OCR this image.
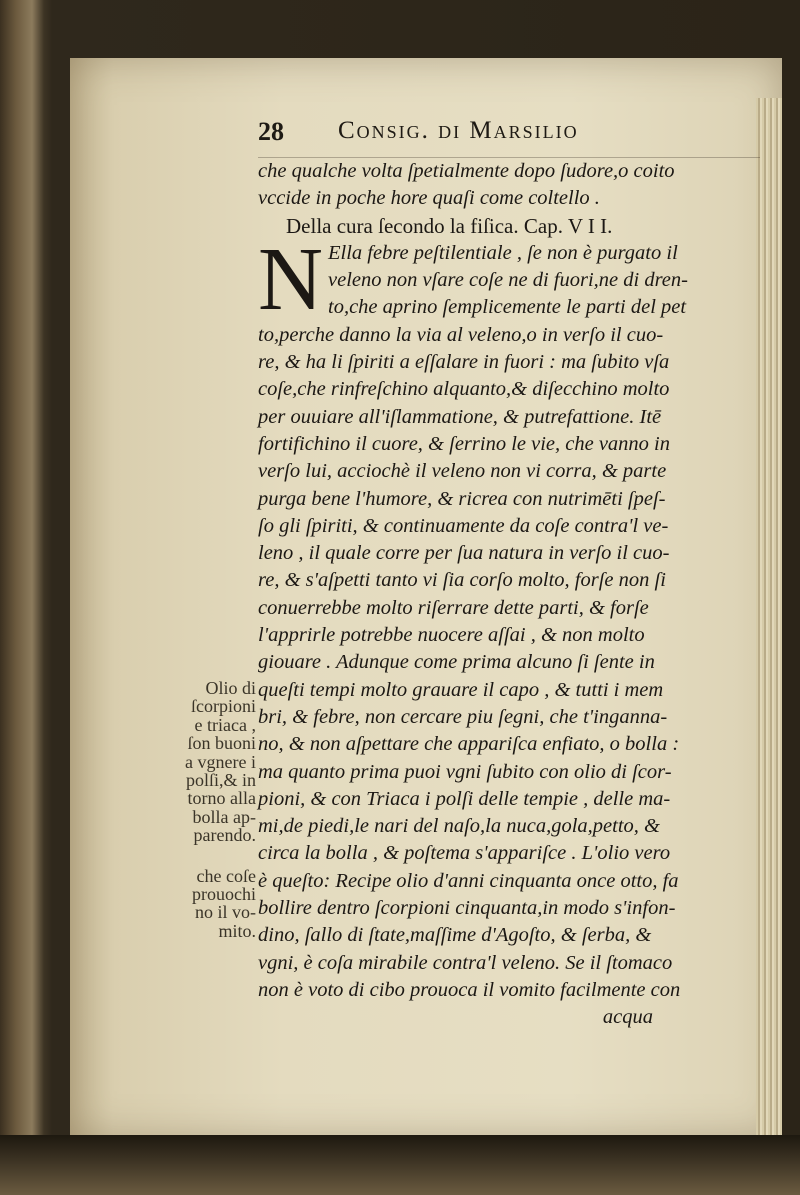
28 Consig. di Marsilio
che qualche volta ſpetialmente dopo ſudore,o coito
vccide in poche hore quaſi come coltello .
Della cura ſecondo la fiſica. Cap. V I I.
N Ella febre peſtilentiale , ſe non è purgato il
veleno non vſare coſe ne di fuori,ne di dren-
to,che aprino ſemplicemente le parti del pet
to,perche danno la via al veleno,o in verſo il cuo-
re, & ha li ſpiriti a eſſalare in fuori : ma ſubito vſa
coſe,che rinfreſchino alquanto,& diſecchino molto
per ouuiare all'iſlammatione, & putrefattione. Itē
fortifichino il cuore, & ſerrino le vie, che vanno in
verſo lui, acciochè il veleno non vi corra, & parte
purga bene l'humore, & ricrea con nutrimēti ſpeſ-
ſo gli ſpiriti, & continuamente da coſe contra'l ve-
leno , il quale corre per ſua natura in verſo il cuo-
re, & s'aſpetti tanto vi ſia corſo molto, forſe non ſi
conuerrebbe molto riſerrare dette parti, & forſe
l'apprirle potrebbe nuocere aſſai , & non molto
giouare . Adunque come prima alcuno ſi ſente in
queſti tempi molto grauare il capo , & tutti i mem
bri, & febre, non cercare piu ſegni, che t'inganna-
no, & non aſpettare che appariſca enfiato, o bolla :
ma quanto prima puoi vgni ſubito con olio di ſcor-
pioni, & con Triaca i polſi delle tempie , delle ma-
mi,de piedi,le nari del naſo,la nuca,gola,petto, &
circa la bolla , & poſtema s'appariſce . L'olio vero
è queſto: Recipe olio d'anni cinquanta once otto, fa
bollire dentro ſcorpioni cinquanta,in modo s'infon-
dino, ſallo di ſtate,maſſime d'Agoſto, & ſerba, &
vgni, è coſa mirabile contra'l veleno. Se il ſtomaco
non è voto di cibo prouoca il vomito facilmente con
acqua
Olio di
ſcorpioni
e triaca ,
ſon buoni
a vgnere i
polſi,& in
torno alla
bolla ap-
parendo.
che coſe
prouochi
no il vo-
mito.
